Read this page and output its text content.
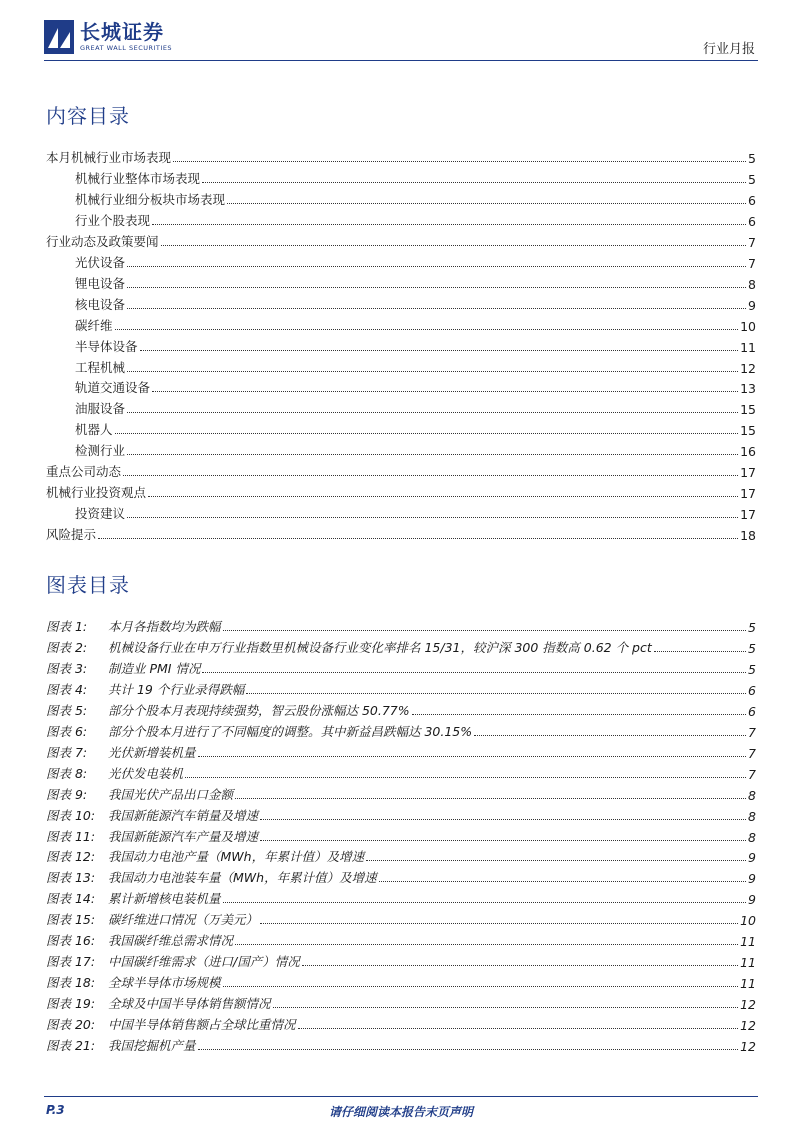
长城证券
GREAT WALL SECURITIES	行业月报
内容目录
本月机械行业市场表现	5
机械行业整体市场表现	5
机械行业细分板块市场表现	6
行业个股表现	6
行业动态及政策要闻	7
光伏设备	7
锂电设备	8
核电设备	9
碳纤维	10
半导体设备	11
工程机械	12
轨道交通设备	13
油服设备	15
机器人	15
检测行业	16
重点公司动态	17
机械行业投资观点	17
投资建议	17
风险提示	18
图表目录
图表 1:	本月各指数均为跌幅	5
图表 2:	机械设备行业在申万行业指数里机械设备行业变化率排名 15/31，较沪深 300 指数高 0.62 个 pct	5
图表 3:	制造业 PMI 情况	5
图表 4:	共计 19 个行业录得跌幅	6
图表 5:	部分个股本月表现持续强势，智云股份涨幅达 50.77%	6
图表 6:	部分个股本月进行了不同幅度的调整。其中新益昌跌幅达 30.15%	7
图表 7:	光伏新增装机量	7
图表 8:	光伏发电装机	7
图表 9:	我国光伏产品出口金额	8
图表 10:	我国新能源汽车销量及增速	8
图表 11:	我国新能源汽车产量及增速	8
图表 12:	我国动力电池产量（MWh，年累计值）及增速	9
图表 13:	我国动力电池装车量（MWh，年累计值）及增速	9
图表 14:	累计新增核电装机量	9
图表 15:	碳纤维进口情况（万美元）	10
图表 16:	我国碳纤维总需求情况	11
图表 17:	中国碳纤维需求（进口/国产）情况	11
图表 18:	全球半导体市场规模	11
图表 19:	全球及中国半导体销售额情况	12
图表 20:	中国半导体销售额占全球比重情况	12
图表 21:	我国挖掘机产量	12
P.3	请仔细阅读本报告末页声明
